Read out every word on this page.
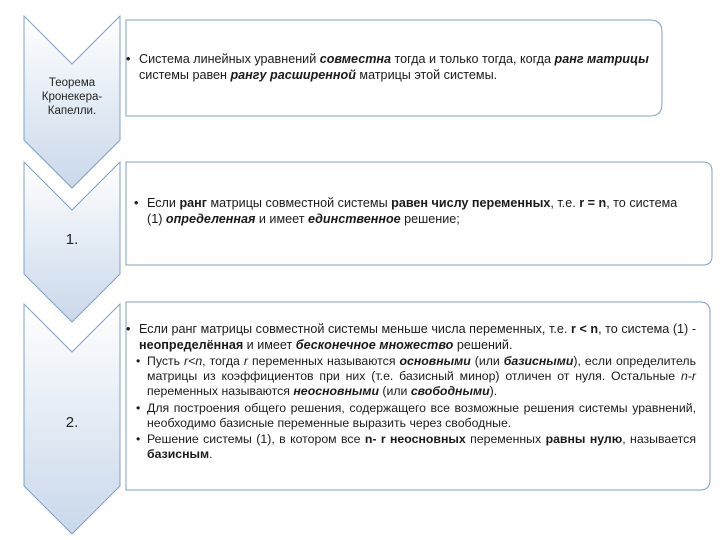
Теорема
Кронекера-
Капелли.
1.
2.
• Система линейных уравнений совместна тогда и только тогда, когда ранг матрицы системы равен рангу расширенной матрицы этой системы.
• Если ранг матрицы совместной системы равен числу переменных, т.е. r = n, то система (1) определенная и имеет единственное решение;
• Если ранг матрицы совместной системы меньше числа переменных, т.е. r < n, то система (1) - неопределённая и имеет бесконечное множество решений.
• Пусть r<n, тогда r переменных называются основными (или базисными), если определитель матрицы из коэффициентов при них (т.е. базисный минор) отличен от нуля. Остальные n-r переменных называются неосновными (или свободными).
• Для построения общего решения, содержащего все возможные решения системы уравнений, необходимо базисные переменные выразить через свободные.
• Решение системы (1), в котором все n- r неосновных переменных равны нулю, называется базисным.
